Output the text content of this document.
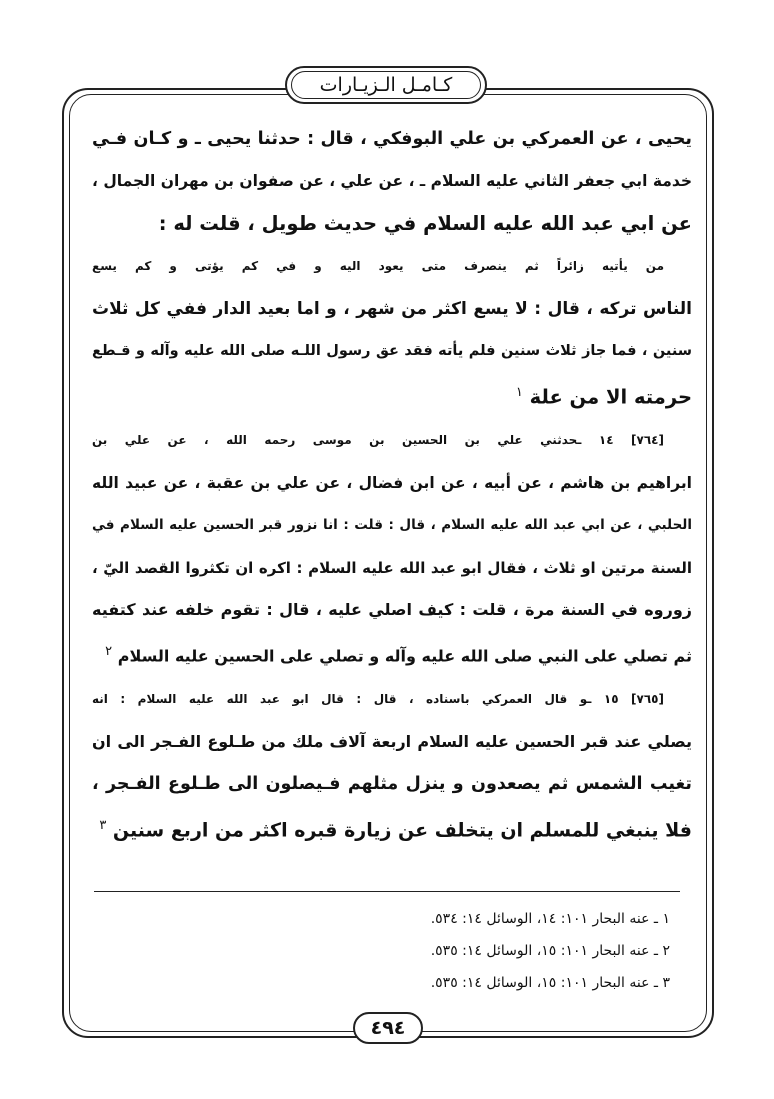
كـامـل الـزيـارات
يحيى ، عن العمركي بن علي البوفكي ، قال : حدثنا يحيى ـ و كـان فـي
خدمة ابي جعفر الثاني عليه السلام ـ ، عن علي ، عن صفوان بن مهران الجمال ،
عن ابي عبد الله عليه السلام في حديث طويل ، قلت له :
من يأتيه زائراً ثم ينصرف متى يعود اليه و في كم يؤتى و كم يسع
الناس تركه ، قال : لا يسع اكثر من شهر ، و اما بعيد الدار ففي كل ثلاث
سنين ، فما جاز ثلاث سنين فلم يأته فقد عق رسول اللـه صلى الله عليه وآله و قـطع
حرمته الا من علة $^١$
[٧٦٤] ١٤ ـحدثني علي بن الحسين بن موسى رحمه الله ، عن علي بن
ابراهيم بن هاشم ، عن أبيه ، عن ابن فضال ، عن علي بن عقبة ، عن عبيد الله
الحلبي ، عن ابي عبد الله عليه السلام ، قال : قلت : انا نزور قبر الحسين عليه السلام في
السنة مرتين او ثلاث ، فقال ابو عبد الله عليه السلام : اكره ان تكثروا القصد اليّ ،
زوروه في السنة مرة ، قلت : كيف اصلي عليه ، قال : تقوم خلفه عند كتفيه
ثم تصلي على النبي صلى الله عليه وآله و تصلي على الحسين عليه السلام $^٢$
[٧٦٥] ١٥ ـو قال العمركي باسناده ، قال : قال ابو عبد الله عليه السلام : انه
يصلي عند قبر الحسين عليه السلام اربعة آلاف ملك من طـلوع الفـجر الى ان
تغيب الشمس ثم يصعدون و ينزل مثلهم فـيصلون الى طـلوع الفـجر ،
فلا ينبغي للمسلم ان يتخلف عن زيارة قبره اكثر من اربع سنين $^٣$
١ ـ عنه البحار ١٠١: ١٤، الوسائل ١٤: ٥٣٤.
٢ ـ عنه البحار ١٠١: ١٥، الوسائل ١٤: ٥٣٥.
٣ ـ عنه البحار ١٠١: ١٥، الوسائل ١٤: ٥٣٥.
٤٩٤
